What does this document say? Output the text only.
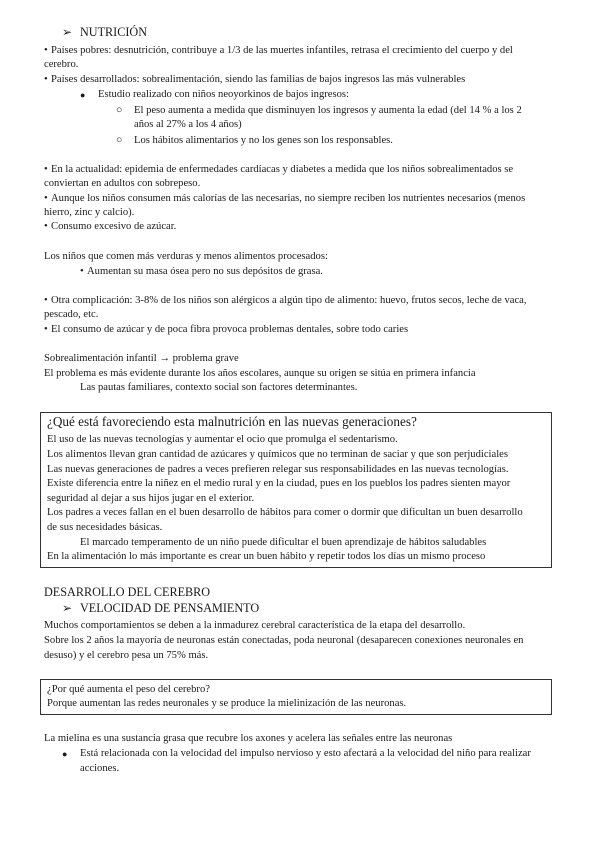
➢ NUTRICIÓN
• Países pobres: desnutrición, contribuye a 1/3 de las muertes infantiles, retrasa el crecimiento del cuerpo y del
cerebro.
• Países desarrollados: sobrealimentación, siendo las familias de bajos ingresos las más vulnerables
● Estudio realizado con niños neoyorkinos de bajos ingresos:
○ El peso aumenta a medida que disminuyen los ingresos y aumenta la edad (del 14 % a los 2
años al 27% a los 4 años)
○ Los hábitos alimentarios y no los genes son los responsables.
• En la actualidad: epidemia de enfermedades cardíacas y diabetes a medida que los niños sobrealimentados se
conviertan en adultos con sobrepeso.
• Aunque los niños consumen más calorías de las necesarias, no siempre reciben los nutrientes necesarios (menos
hierro, zinc y calcio).
• Consumo excesivo de azúcar.
Los niños que comen más verduras y menos alimentos procesados:
• Aumentan su masa ósea pero no sus depósitos de grasa.
• Otra complicación: 3-8% de los niños son alérgicos a algún tipo de alimento: huevo, frutos secos, leche de vaca,
pescado, etc.
• El consumo de azúcar y de poca fibra provoca problemas dentales, sobre todo caries
Sobrealimentación infantil → problema grave
El problema es más evidente durante los años escolares, aunque su origen se sitúa en primera infancia
Las pautas familiares, contexto social son factores determinantes.
¿Qué está favoreciendo esta malnutrición en las nuevas generaciones?
El uso de las nuevas tecnologías y aumentar el ocio que promulga el sedentarismo.
Los alimentos llevan gran cantidad de azúcares y químicos que no terminan de saciar y que son perjudiciales
Las nuevas generaciones de padres a veces prefieren relegar sus responsabilidades en las nuevas tecnologías.
Existe diferencia entre la niñez en el medio rural y en la ciudad, pues en los pueblos los padres sienten mayor
seguridad al dejar a sus hijos jugar en el exterior.
Los padres a veces fallan en el buen desarrollo de hábitos para comer o dormir que dificultan un buen desarrollo
de sus necesidades básicas.
El marcado temperamento de un niño puede dificultar el buen aprendizaje de hábitos saludables
En la alimentación lo más importante es crear un buen hábito y repetir todos los días un mismo proceso
DESARROLLO DEL CEREBRO
➢ VELOCIDAD DE PENSAMIENTO
Muchos comportamientos se deben a la inmadurez cerebral característica de la etapa del desarrollo.
Sobre los 2 años la mayoría de neuronas están conectadas, poda neuronal (desaparecen conexiones neuronales en
desuso) y el cerebro pesa un 75% más.
¿Por qué aumenta el peso del cerebro?
Porque aumentan las redes neuronales y se produce la mielinización de las neuronas.
La mielina es una sustancia grasa que recubre los axones y acelera las señales entre las neuronas
● Está relacionada con la velocidad del impulso nervioso y esto afectará a la velocidad del niño para realizar
acciones.
